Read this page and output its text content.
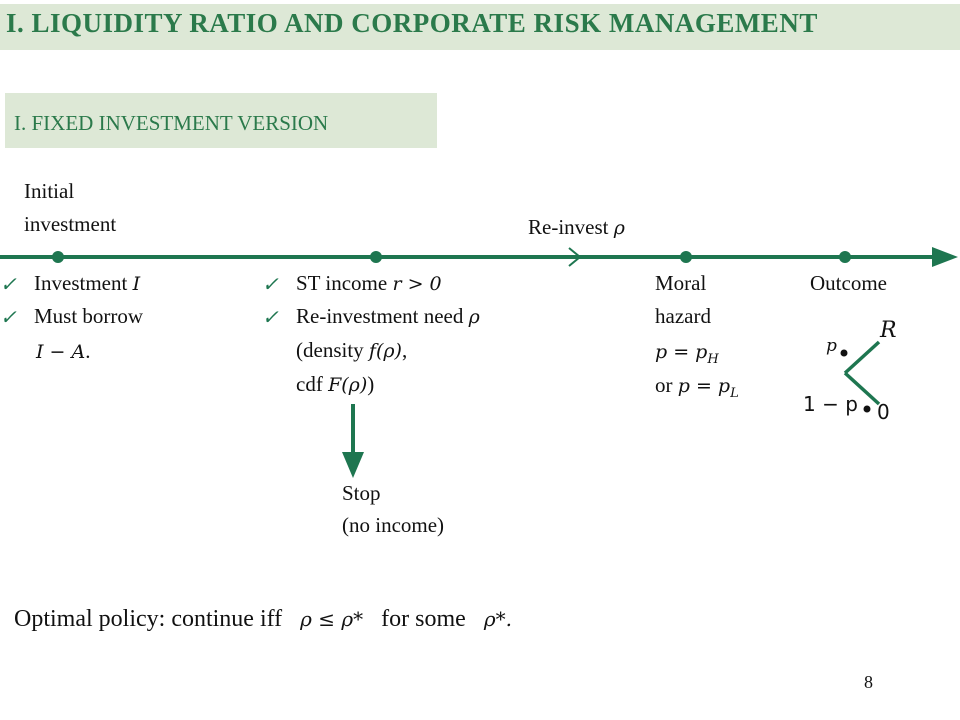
I. LIQUIDITY RATIO AND CORPORATE RISK MANAGEMENT
I. FIXED INVESTMENT VERSION
Initial
investment	Re-invest ρ
✓
✓
Investment I
Must borrow
I − A.
✓
✓
ST income r > 0
Re-investment need ρ
(density f(ρ),
cdf F(ρ))
Stop
(no income)
Moral
hazard
$p = p_H$
or $p = p_L$
Outcome
p
R
1 − p 0
Optimal policy: continue iff ρ ≤ ρ* for some ρ*.
8
